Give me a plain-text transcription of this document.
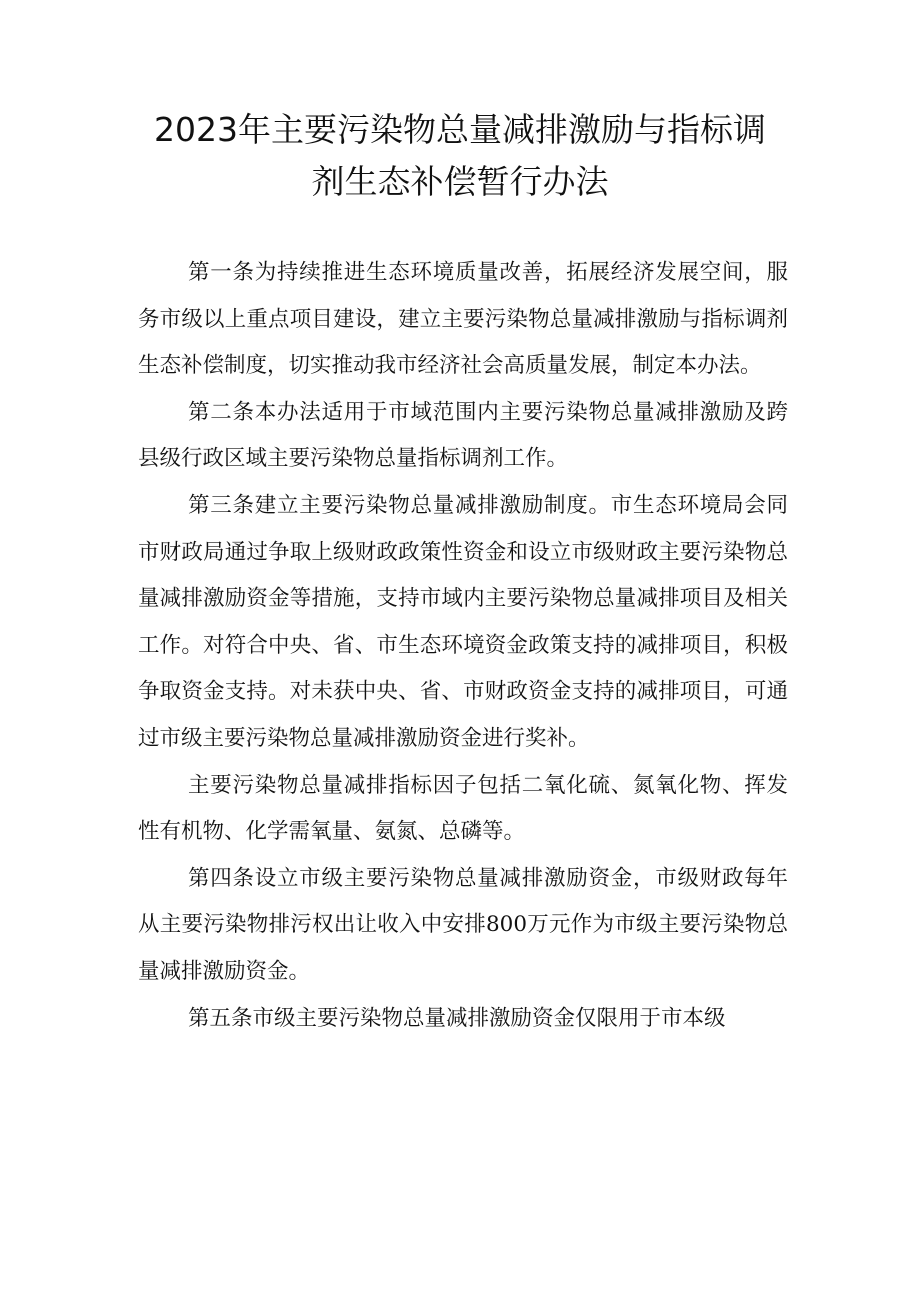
2023年主要污染物总量减排激励与指标调
剂生态补偿暂行办法

第一条为持续推进生态环境质量改善，拓展经济发展空间，服务市级以上重点项目建设，建立主要污染物总量减排激励与指标调剂生态补偿制度，切实推动我市经济社会高质量发展，制定本办法。

第二条本办法适用于市域范围内主要污染物总量减排激励及跨县级行政区域主要污染物总量指标调剂工作。

第三条建立主要污染物总量减排激励制度。市生态环境局会同市财政局通过争取上级财政政策性资金和设立市级财政主要污染物总量减排激励资金等措施，支持市域内主要污染物总量减排项目及相关工作。对符合中央、省、市生态环境资金政策支持的减排项目，积极争取资金支持。对未获中央、省、市财政资金支持的减排项目，可通过市级主要污染物总量减排激励资金进行奖补。

主要污染物总量减排指标因子包括二氧化硫、氮氧化物、挥发性有机物、化学需氧量、氨氮、总磷等。

第四条设立市级主要污染物总量减排激励资金，市级财政每年从主要污染物排污权出让收入中安排800万元作为市级主要污染物总量减排激励资金。

第五条市级主要污染物总量减排激励资金仅限用于市本级
